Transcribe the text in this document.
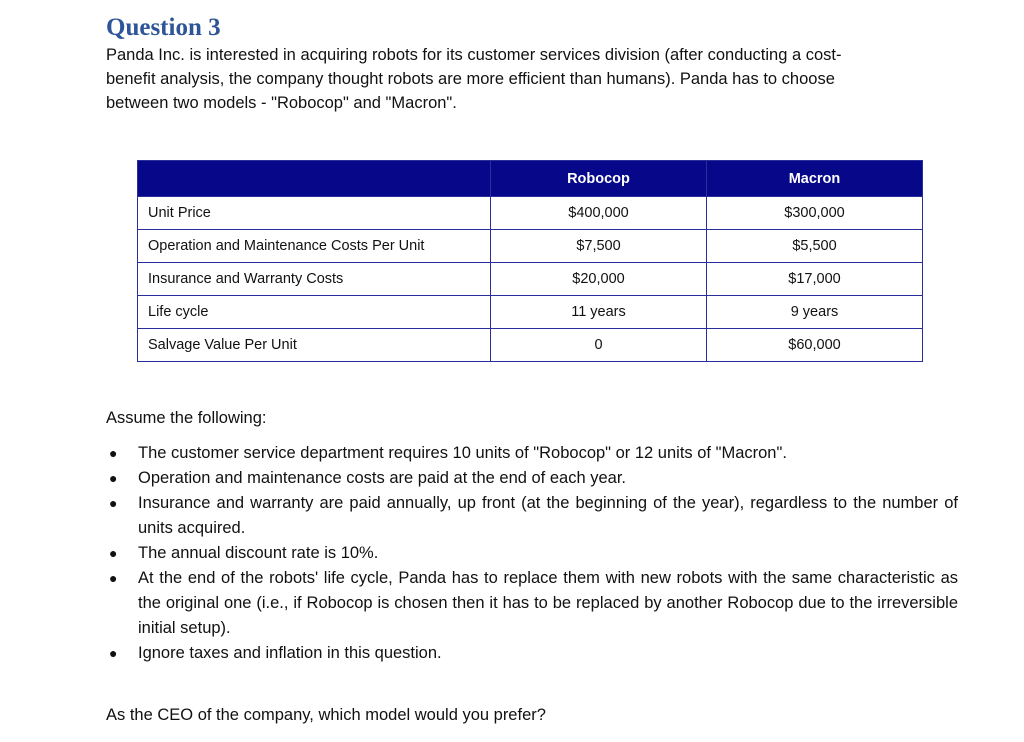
Question 3

Panda Inc. is interested in acquiring robots for its customer services division (after conducting a cost-
benefit analysis, the company thought robots are more efficient than humans). Panda has to choose
between two models - "Robocop" and "Macron".

	Robocop	Macron
Unit Price	$400,000	$300,000
Operation and Maintenance Costs Per Unit	$7,500	$5,500
Insurance and Warranty Costs	$20,000	$17,000
Life cycle	11 years	9 years
Salvage Value Per Unit	0	$60,000

Assume the following:

● The customer service department requires 10 units of "Robocop" or 12 units of "Macron".
● Operation and maintenance costs are paid at the end of each year.
● Insurance and warranty are paid annually, up front (at the beginning of the year), regardless to the number of units acquired.
● The annual discount rate is 10%.
● At the end of the robots' life cycle, Panda has to replace them with new robots with the same characteristic as the original one (i.e., if Robocop is chosen then it has to be replaced by another Robocop due to the irreversible initial setup).
● Ignore taxes and inflation in this question.

As the CEO of the company, which model would you prefer?
